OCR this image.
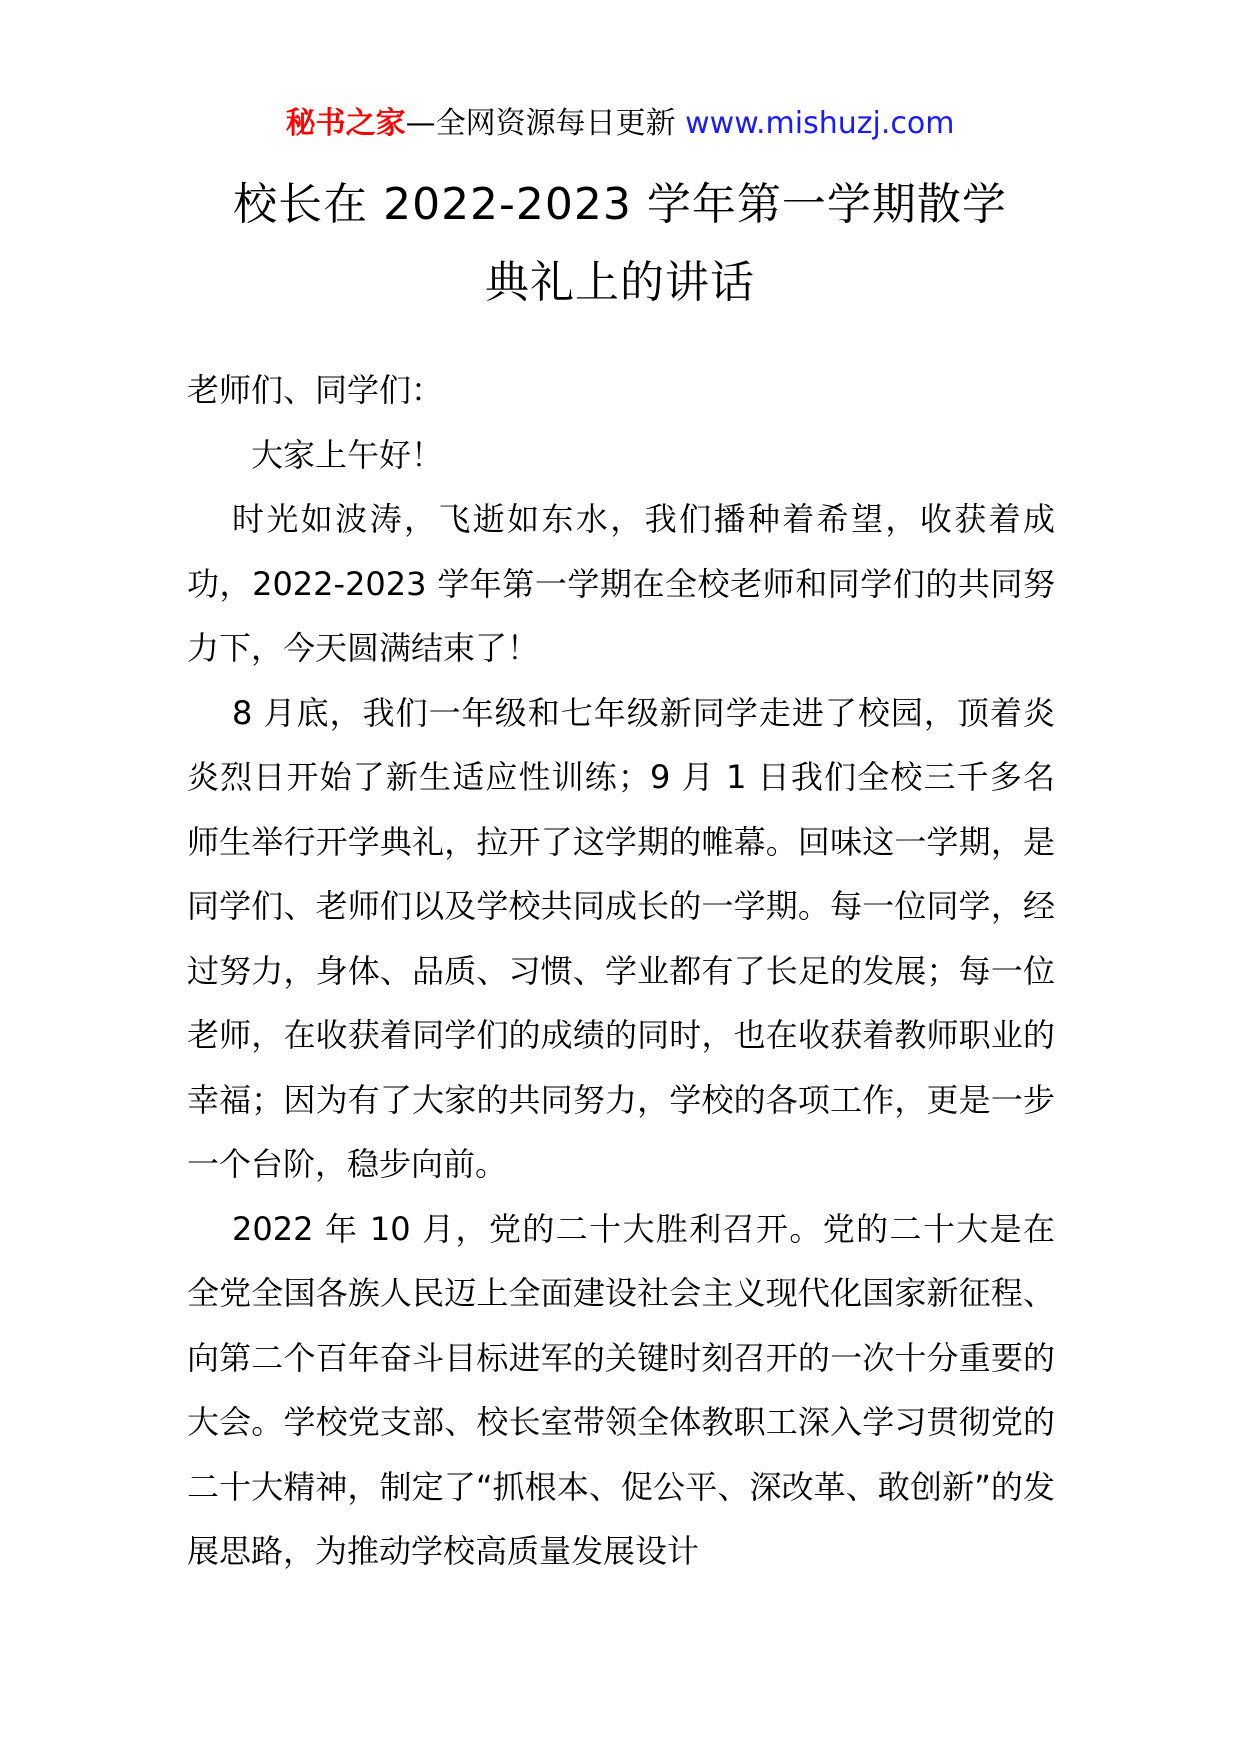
秘书之家—全网资源每日更新 www.mishuzj.com
校长在 2022-2023 学年第一学期散学
典礼上的讲话

老师们、同学们：

大家上午好！

时光如波涛，飞逝如东水，我们播种着希望，收获着成功，2022-2023 学年第一学期在全校老师和同学们的共同努力下，今天圆满结束了！

8 月底，我们一年级和七年级新同学走进了校园，顶着炎炎烈日开始了新生适应性训练；9 月 1 日我们全校三千多名师生举行开学典礼，拉开了这学期的帷幕。回味这一学期，是同学们、老师们以及学校共同成长的一学期。每一位同学，经过努力，身体、品质、习惯、学业都有了长足的发展；每一位老师，在收获着同学们的成绩的同时，也在收获着教师职业的幸福；因为有了大家的共同努力，学校的各项工作，更是一步一个台阶，稳步向前。

2022 年 10 月，党的二十大胜利召开。党的二十大是在全党全国各族人民迈上全面建设社会主义现代化国家新征程、向第二个百年奋斗目标进军的关键时刻召开的一次十分重要的大会。学校党支部、校长室带领全体教职工深入学习贯彻党的二十大精神，制定了“抓根本、促公平、深改革、敢创新”的发展思路，为推动学校高质量发展设计
